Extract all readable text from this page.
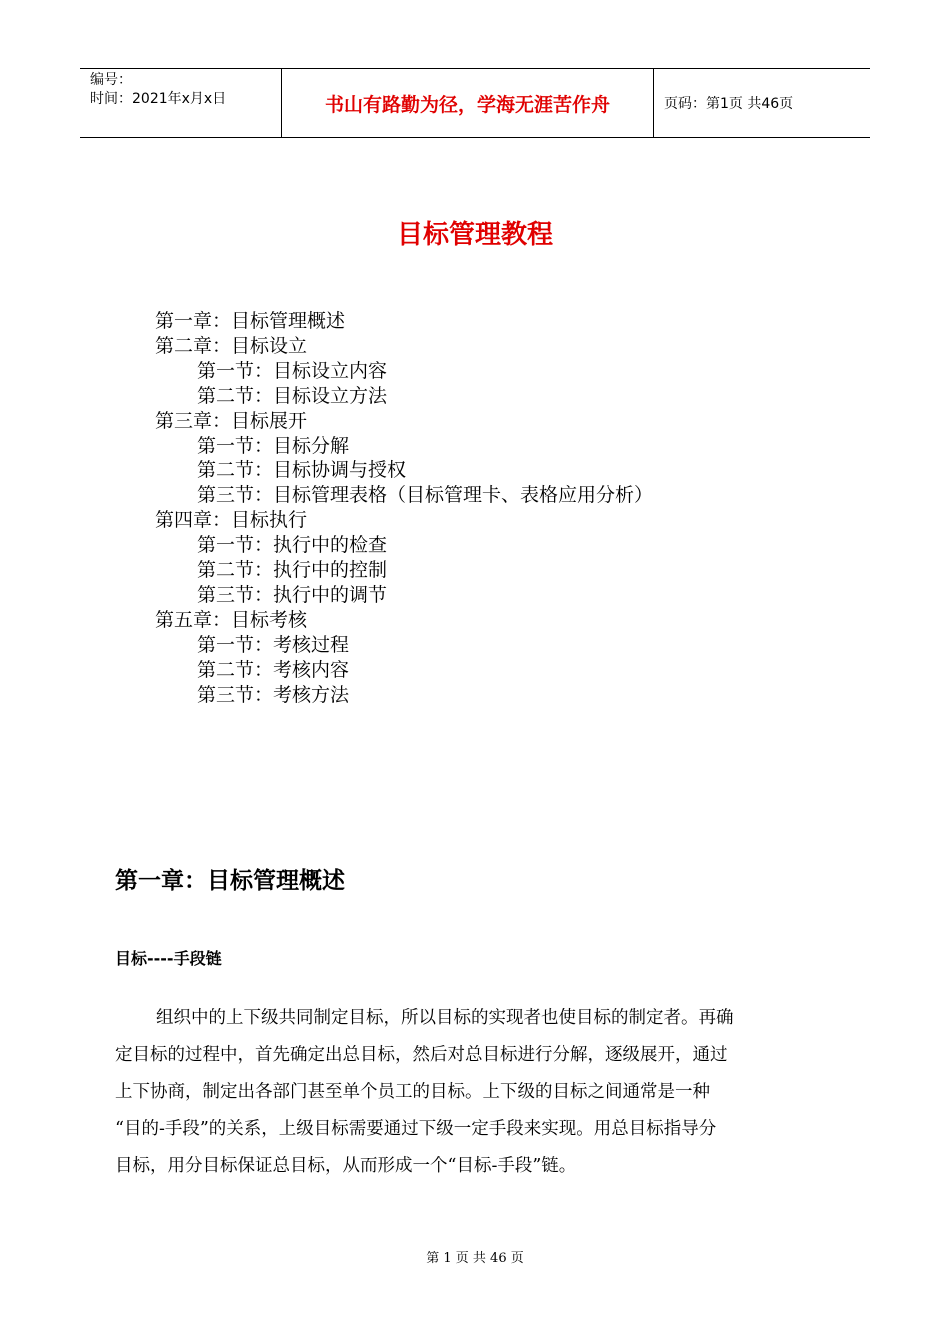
编号：
时间：2021年x月x日	书山有路勤为径，学海无涯苦作舟	页码：第1页 共46页
目标管理教程
第一章：目标管理概述
第二章：目标设立
第一节：目标设立内容
第二节：目标设立方法
第三章：目标展开
第一节：目标分解
第二节：目标协调与授权
第三节：目标管理表格（目标管理卡、表格应用分析）
第四章：目标执行
第一节：执行中的检查
第二节：执行中的控制
第三节：执行中的调节
第五章：目标考核
第一节：考核过程
第二节：考核内容
第三节：考核方法
第一章：目标管理概述
目标----手段链
组织中的上下级共同制定目标，所以目标的实现者也使目标的制定者。再确
定目标的过程中，首先确定出总目标，然后对总目标进行分解，逐级展开，通过
上下协商，制定出各部门甚至单个员工的目标。上下级的目标之间通常是一种
“目的-手段”的关系，上级目标需要通过下级一定手段来实现。用总目标指导分
目标，用分目标保证总目标，从而形成一个“目标-手段”链。
第 1 页 共 46 页
